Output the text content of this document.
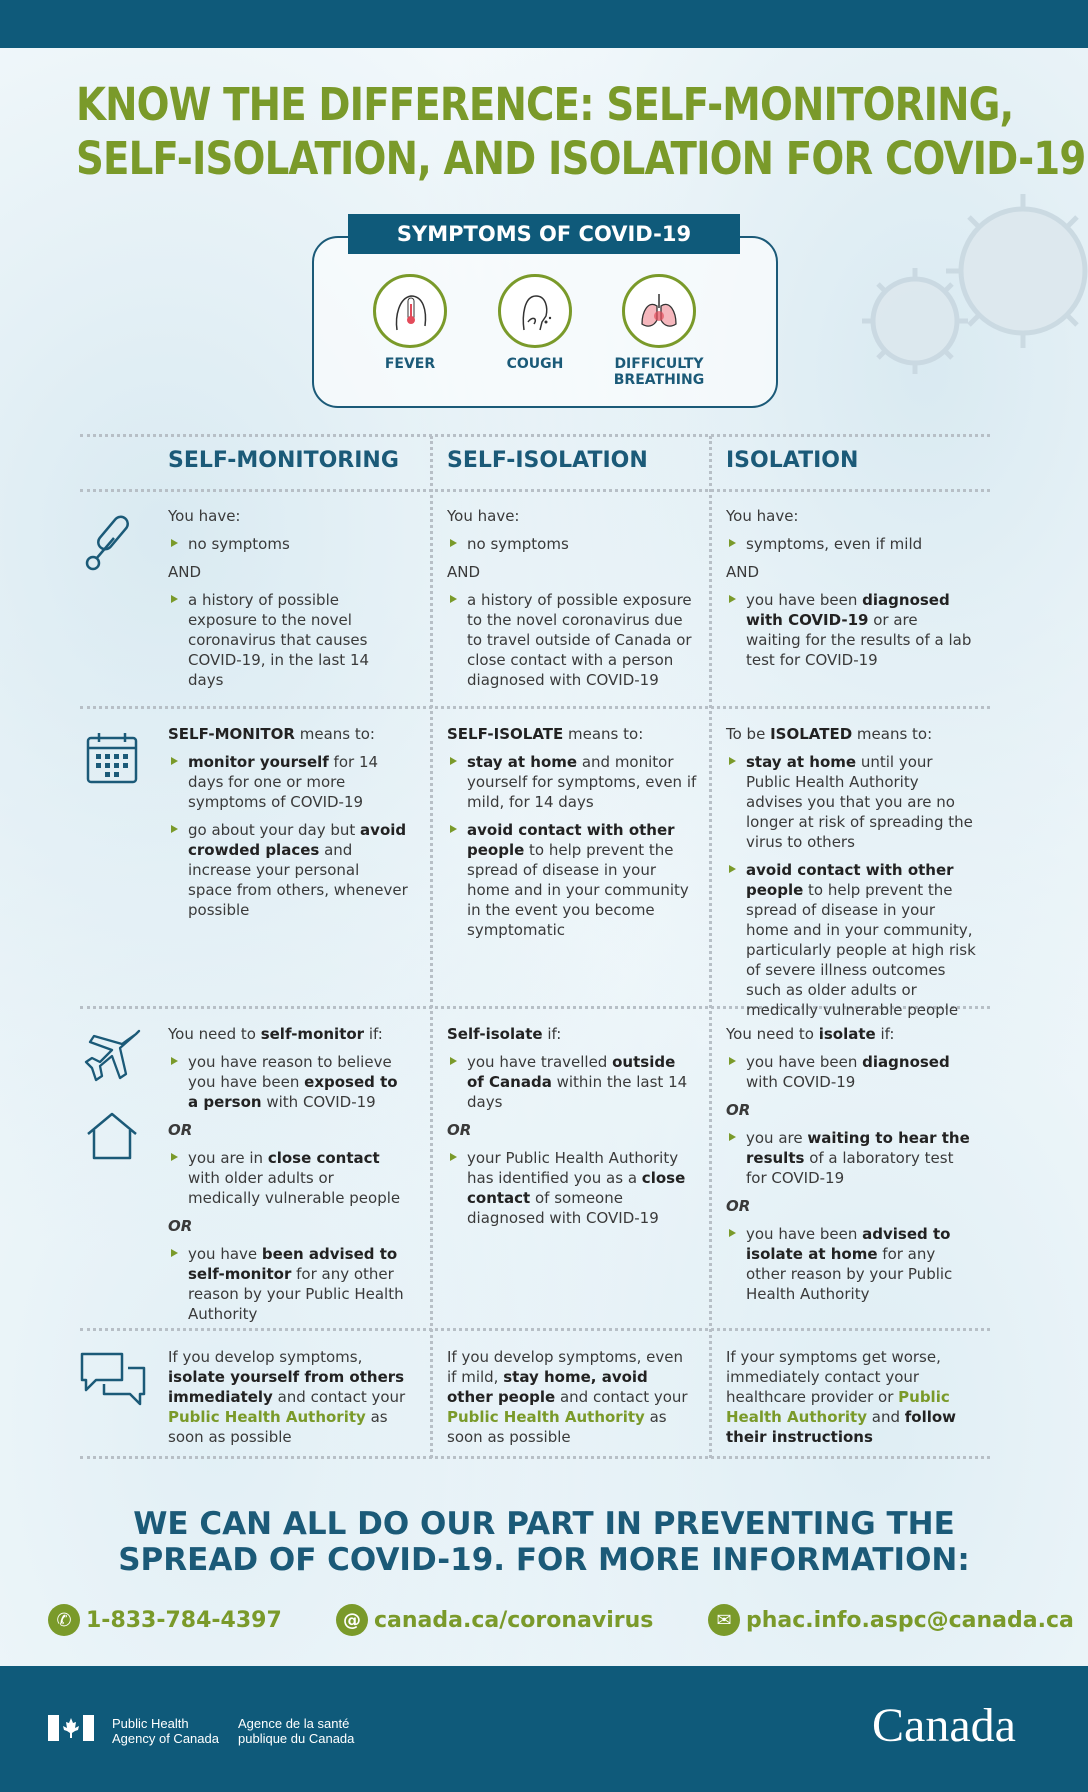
KNOW THE DIFFERENCE: SELF-MONITORING,
SELF-ISOLATION, AND ISOLATION FOR COVID-19
SYMPTOMS OF COVID-19
FEVER	COUGH	DIFFICULTY
BREATHING
SELF-MONITORING SELF-ISOLATION	ISOLATION

You have:

no symptoms

AND

a history of possible exposure to the novel coronavirus that causes COVID-19, in the last 14 days

You have:

no symptoms

AND

a history of possible exposure to the novel coronavirus due to travel outside of Canada or close contact with a person diagnosed with COVID-19

You have:

symptoms, even if mild

AND

you have been diagnosed with COVID-19 or are waiting for the results of a lab test for COVID-19

SELF-MONITOR means to:

monitor yourself for 14 days for one or more symptoms of COVID-19
go about your day but avoid crowded places and increase your personal space from others, whenever possible

SELF-ISOLATE means to:

stay at home and monitor yourself for symptoms, even if mild, for 14 days
avoid contact with other people to help prevent the spread of disease in your home and in your community in the event you become symptomatic

To be ISOLATED means to:

stay at home until your Public Health Authority advises you that you are no longer at risk of spreading the virus to others
avoid contact with other people to help prevent the spread of disease in your home and in your community, particularly people at high risk of severe illness outcomes such as older adults or medically vulnerable people

You need to self-monitor if:

you have reason to believe you have been exposed to a person with COVID-19

OR

you are in close contact with older adults or medically vulnerable people

OR

you have been advised to self-monitor for any other reason by your Public Health Authority

Self-isolate if:

you have travelled outside of Canada within the last 14 days

OR

your Public Health Authority has identified you as a close contact of someone diagnosed with COVID-19

You need to isolate if:

you have been diagnosed with COVID-19

OR

you are waiting to hear the results of a laboratory test for COVID-19

OR

you have been advised to isolate at home for any other reason by your Public Health Authority

If you develop symptoms, isolate yourself from others immediately and contact your Public Health Authority as soon as possible

If you develop symptoms, even if mild, stay home, avoid other people and contact your Public Health Authority as soon as possible

If your symptoms get worse, immediately contact your healthcare provider or Public Health Authority and follow their instructions

WE CAN ALL DO OUR PART IN PREVENTING THE
SPREAD OF COVID-19. FOR MORE INFORMATION:
✆ 1-833-784-4397	@ canada.ca/coronavirus	✉ phac.info.aspc@canada.ca
Public Health
Agency of Canada
Agence de la santé
publique du Canada	Canada
